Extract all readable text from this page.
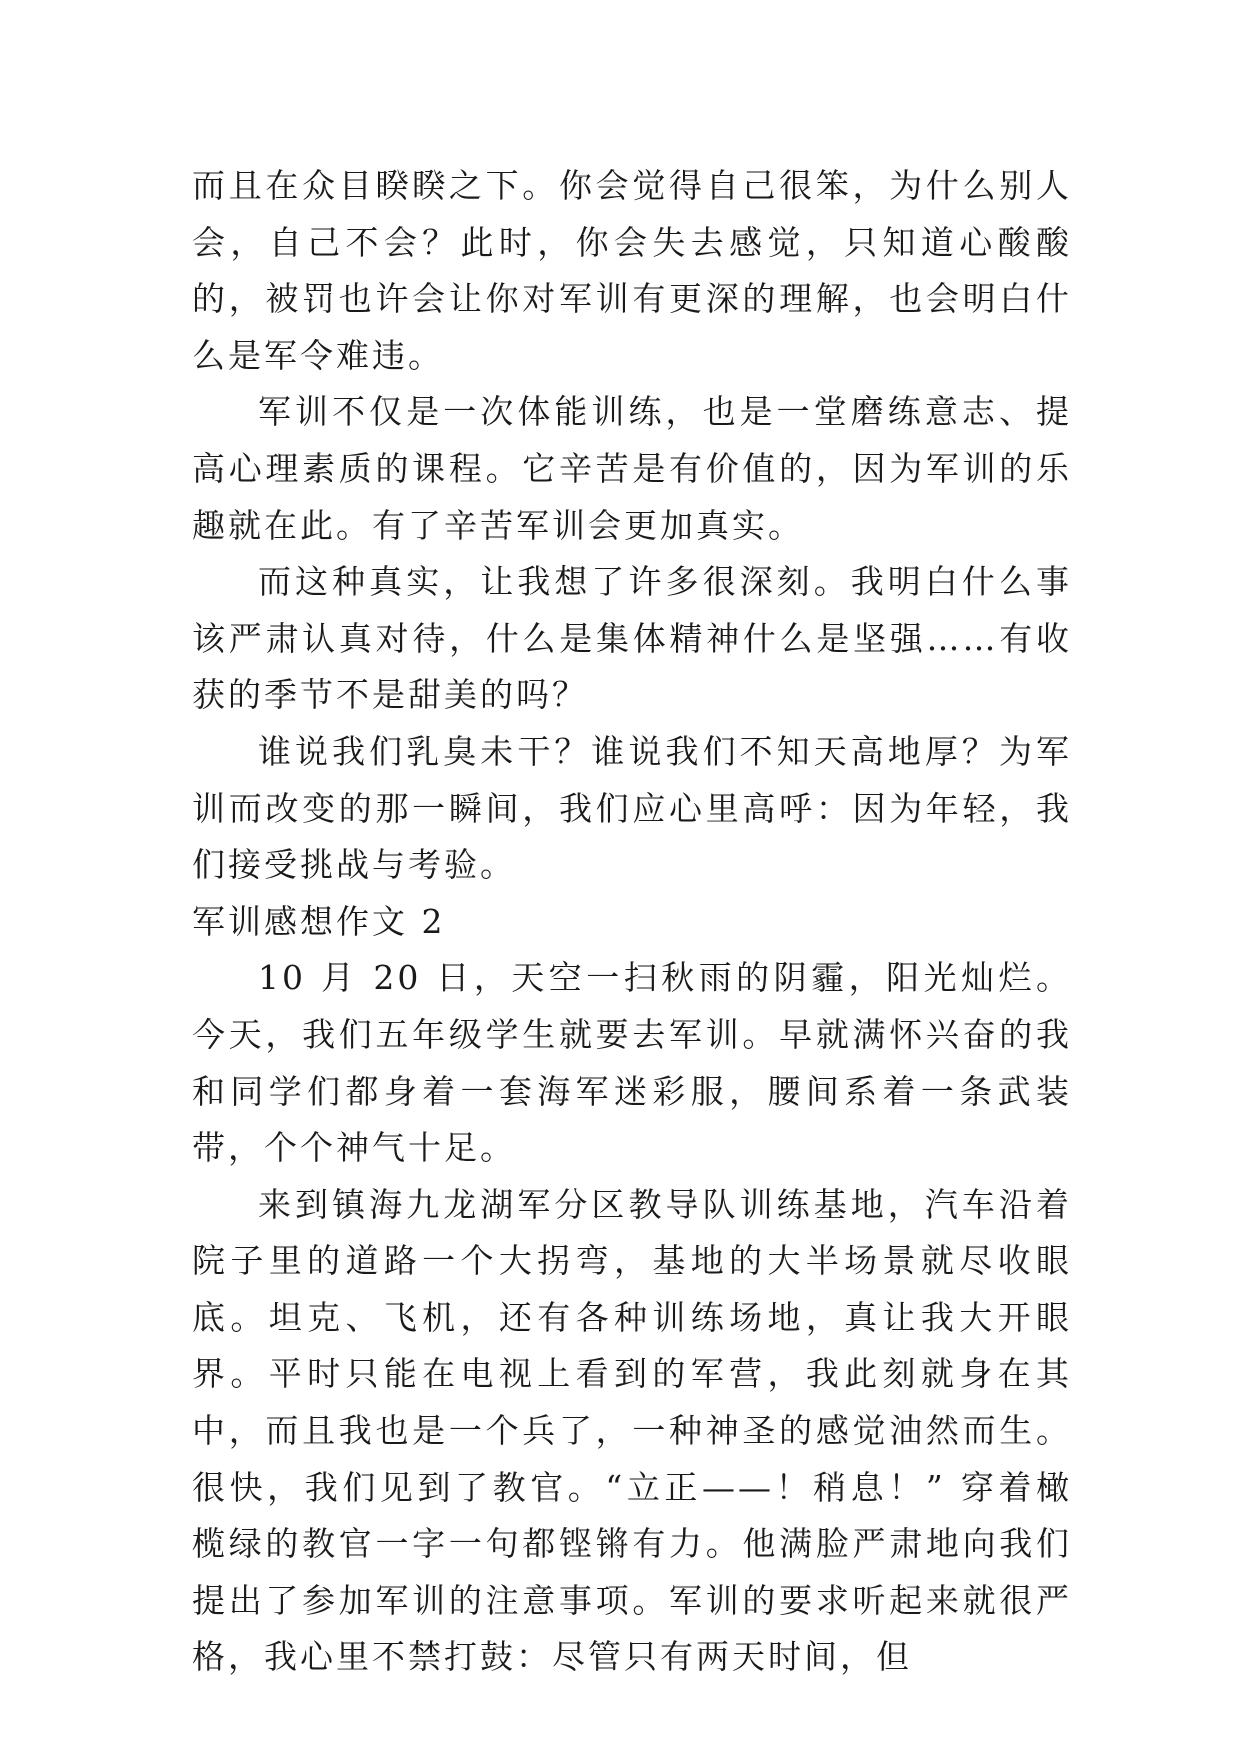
而且在众目睽睽之下。你会觉得自己很笨，为什么别人会，自己不会？此时，你会失去感觉，只知道心酸酸的，被罚也许会让你对军训有更深的理解，也会明白什么是军令难违。

军训不仅是一次体能训练，也是一堂磨练意志、提高心理素质的课程。它辛苦是有价值的，因为军训的乐趣就在此。有了辛苦军训会更加真实。

而这种真实，让我想了许多很深刻。我明白什么事该严肃认真对待，什么是集体精神什么是坚强……有收获的季节不是甜美的吗？

谁说我们乳臭未干？谁说我们不知天高地厚？为军训而改变的那一瞬间，我们应心里高呼：因为年轻，我们接受挑战与考验。

军训感想作文 2

10 月 20 日，天空一扫秋雨的阴霾，阳光灿烂。今天，我们五年级学生就要去军训。早就满怀兴奋的我和同学们都身着一套海军迷彩服，腰间系着一条武装带，个个神气十足。

来到镇海九龙湖军分区教导队训练基地，汽车沿着院子里的道路一个大拐弯，基地的大半场景就尽收眼底。坦克、飞机，还有各种训练场地，真让我大开眼界。平时只能在电视上看到的军营，我此刻就身在其中，而且我也是一个兵了，一种神圣的感觉油然而生。很快，我们见到了教官。“立正——！稍息！” 穿着橄榄绿的教官一字一句都铿锵有力。他满脸严肃地向我们提出了参加军训的注意事项。军训的要求听起来就很严格，我心里不禁打鼓：尽管只有两天时间，但
